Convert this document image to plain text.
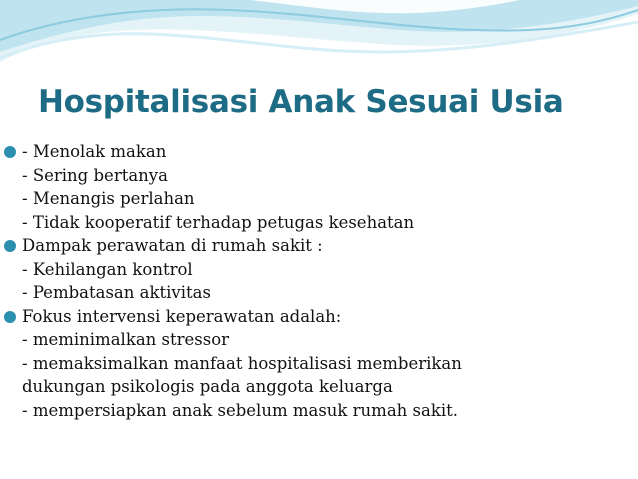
Hospitalisasi Anak Sesuai Usia
- Menolak makan
- Sering bertanya
- Menangis perlahan
- Tidak kooperatif terhadap petugas kesehatan
Dampak perawatan di rumah sakit :
- Kehilangan kontrol
- Pembatasan aktivitas
Fokus intervensi keperawatan adalah:
- meminimalkan stressor
- memaksimalkan manfaat hospitalisasi memberikan
dukungan psikologis pada anggota keluarga
- mempersiapkan anak sebelum masuk rumah sakit.
